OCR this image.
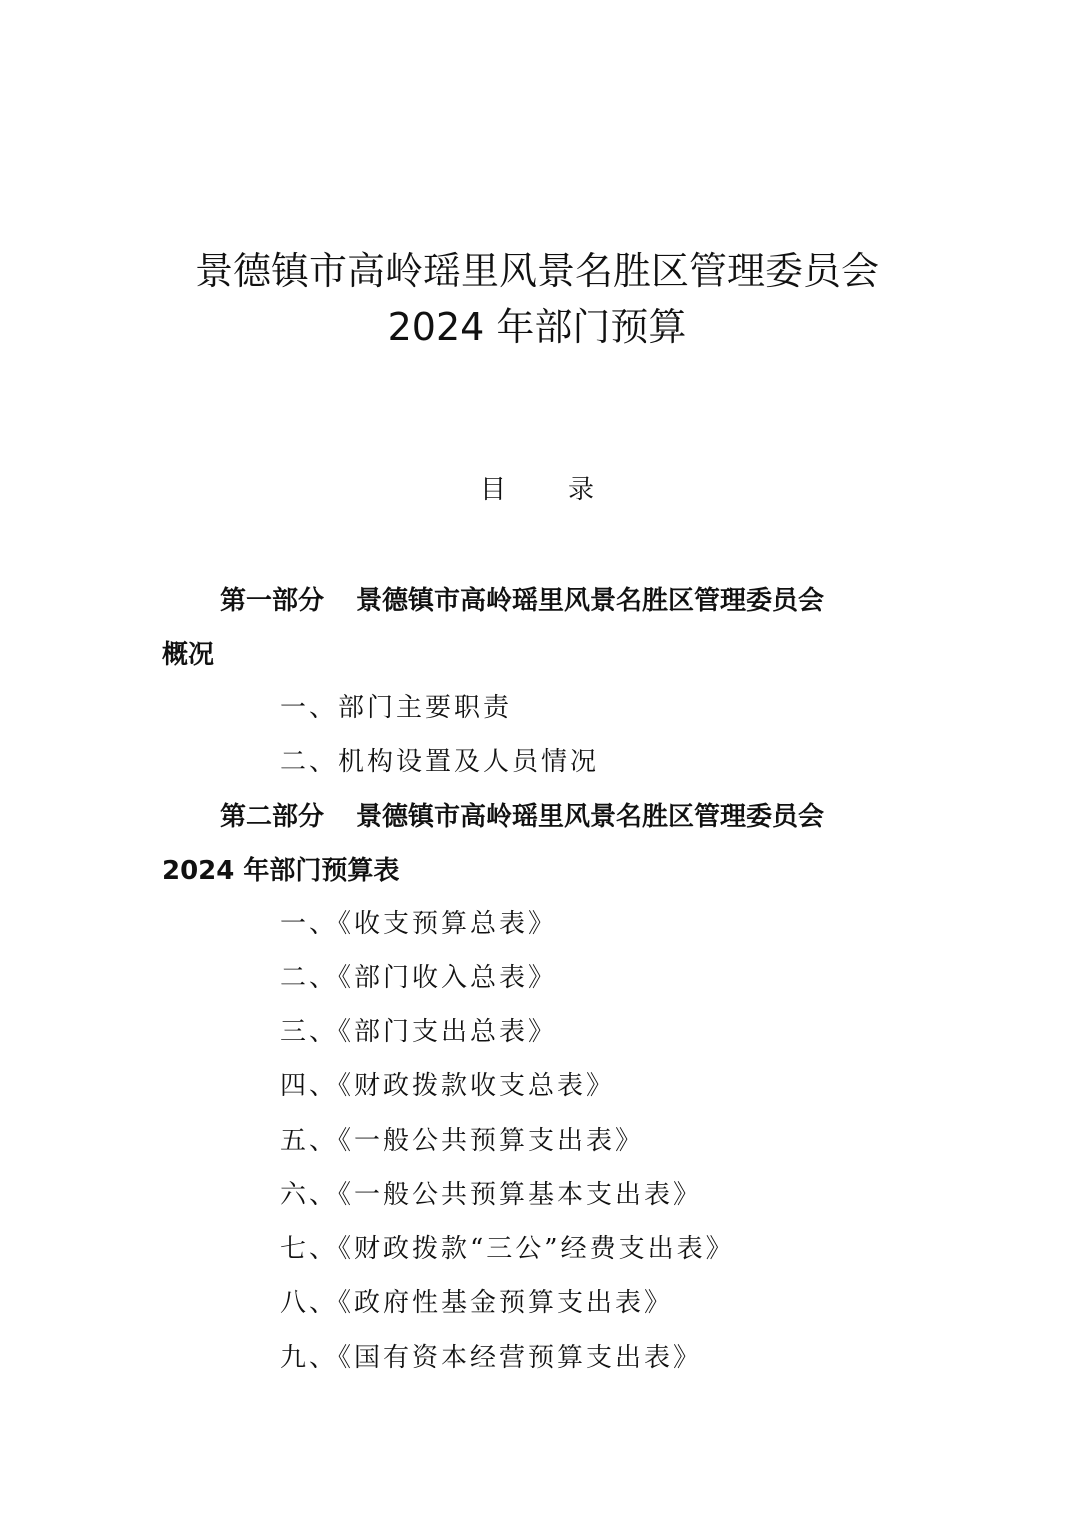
景德镇市高岭瑶里风景名胜区管理委员会
2024 年部门预算
目 录
第一部分 景德镇市高岭瑶里风景名胜区管理委员会
概况
一、部门主要职责
二、机构设置及人员情况
第二部分 景德镇市高岭瑶里风景名胜区管理委员会
2024 年部门预算表
一、《收支预算总表》
二、《部门收入总表》
三、《部门支出总表》
四、《财政拨款收支总表》
五、《一般公共预算支出表》
六、《一般公共预算基本支出表》
七、《财政拨款“三公”经费支出表》
八、《政府性基金预算支出表》
九、《国有资本经营预算支出表》
